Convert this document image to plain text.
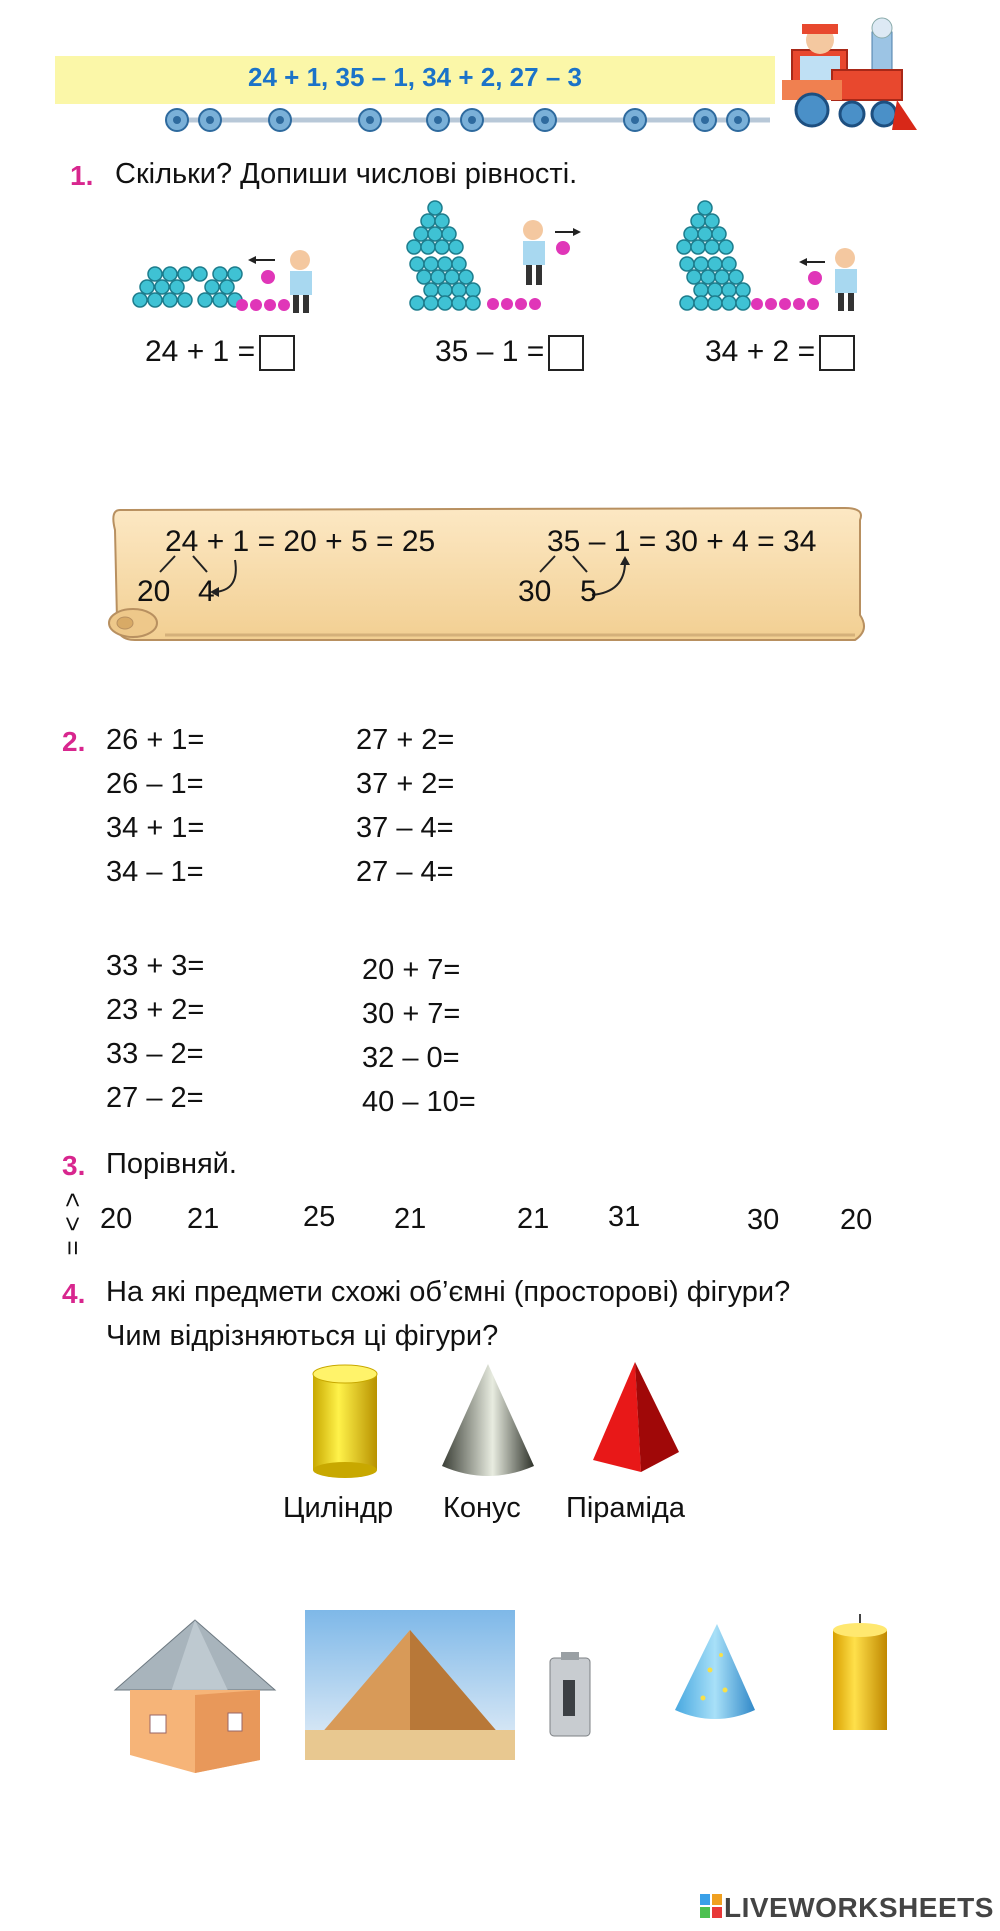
24 + 1, 35 – 1, 34 + 2, 27 – 3
1. Скільки? Допиши числові рівності.
24 + 1 =	35 – 1 =	34 + 2 =
24 + 1 = 20 + 5 = 25
20 4
35 – 1 = 30 + 4 = 34
30 5
2. 26 + 1=
26 – 1=
34 + 1=
34 – 1=
27 + 2=
37 + 2=
37 – 4=
27 – 4=
33 + 3=
23 + 2=
33 – 2=
27 – 2=
20 + 7=
30 + 7=
32 – 0=
40 – 10=
3. Порівняй.
<
>
=
20 21	25 21	21 31	30 20
4. На які предмети схожі об’ємні (просторові) фігури?
Чим відрізняються ці фігури?
Циліндр Конус Піраміда
LIVEWORKSHEETS
